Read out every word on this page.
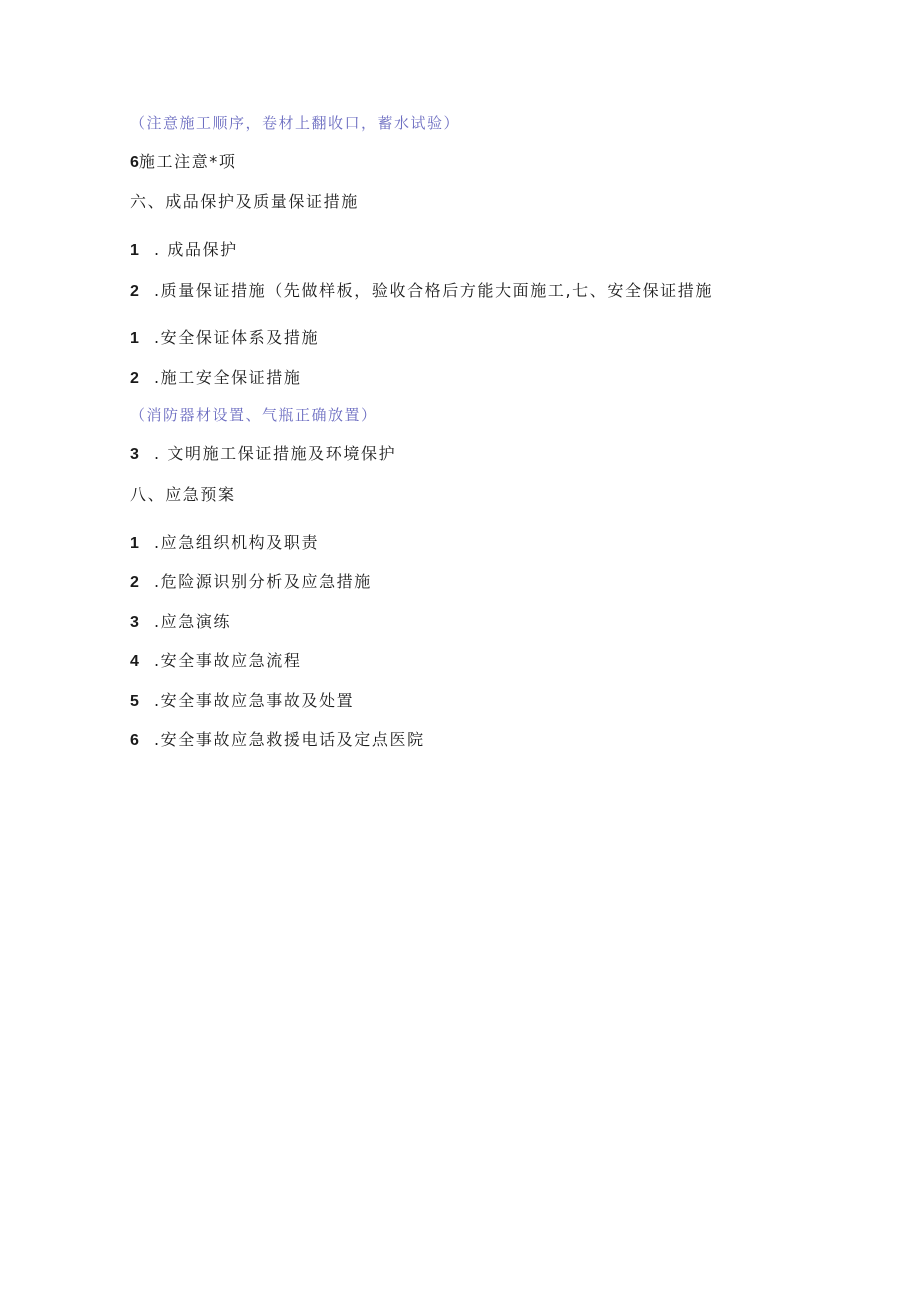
（注意施工顺序，卷材上翻收口，蓄水试验）
6施工注意*项
六、成品保护及质量保证措施
1 . 成品保护
2 .质量保证措施（先做样板，验收合格后方能大面施工,七、安全保证措施
1 .安全保证体系及措施
2 .施工安全保证措施
（消防器材设置、气瓶正确放置）
3 . 文明施工保证措施及环境保护
八、应急预案
1 .应急组织机构及职责
2 .危险源识别分析及应急措施
3 .应急演练
4 .安全事故应急流程
5 .安全事故应急事故及处置
6 .安全事故应急救援电话及定点医院
